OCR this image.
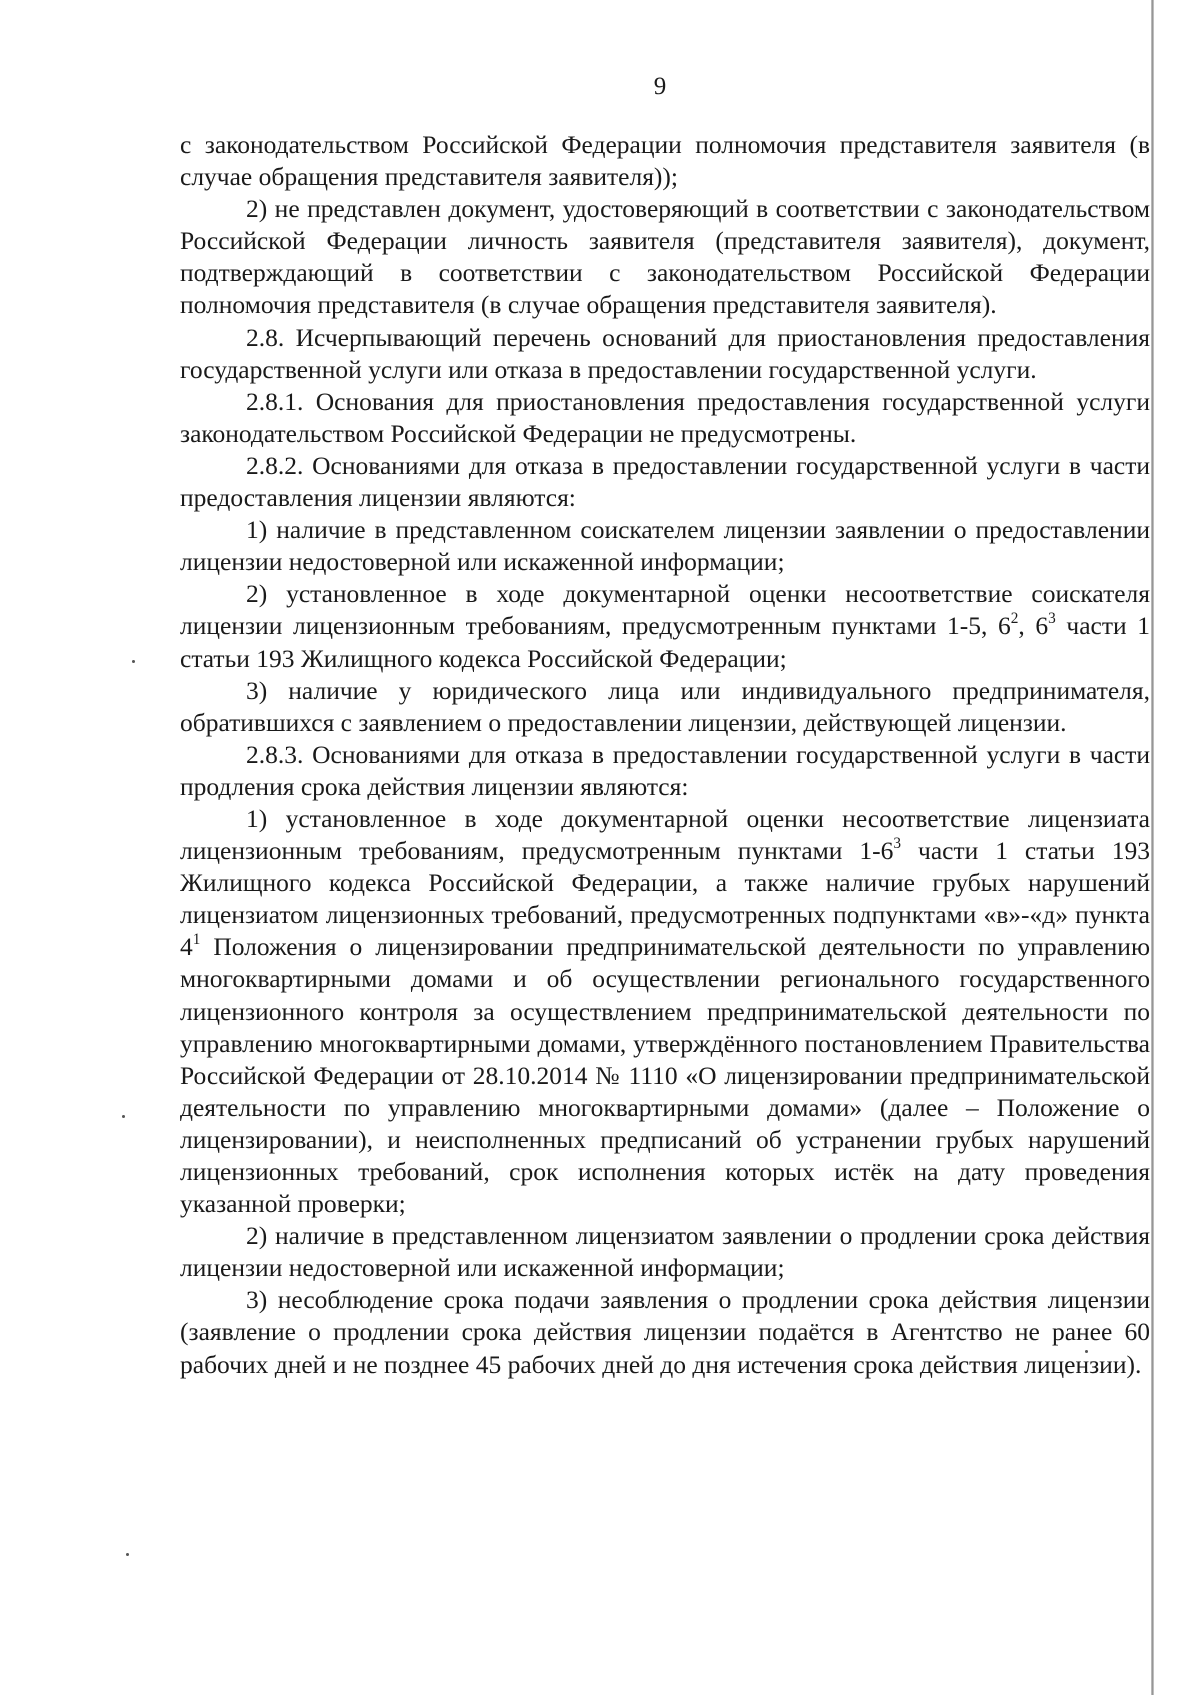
9

с законодательством Российской Федерации полномочия представителя заявителя (в случае обращения представителя заявителя));

2) не представлен документ, удостоверяющий в соответствии с законодательством Российской Федерации личность заявителя (представителя заявителя), документ, подтверждающий в соответствии с законодательством Российской Федерации полномочия представителя (в случае обращения представителя заявителя).

2.8. Исчерпывающий перечень оснований для приостановления предоставления государственной услуги или отказа в предоставлении государственной услуги.

2.8.1. Основания для приостановления предоставления государственной услуги законодательством Российской Федерации не предусмотрены.

2.8.2. Основаниями для отказа в предоставлении государственной услуги в части предоставления лицензии являются:

1) наличие в представленном соискателем лицензии заявлении о предоставлении лицензии недостоверной или искаженной информации;

2) установленное в ходе документарной оценки несоответствие соискателя лицензии лицензионным требованиям, предусмотренным пунктами 1-5, $6^2$, $6^3$ части 1 статьи 193 Жилищного кодекса Российской Федерации;

3) наличие у юридического лица или индивидуального предпринимателя, обратившихся с заявлением о предоставлении лицензии, действующей лицензии.

2.8.3. Основаниями для отказа в предоставлении государственной услуги в части продления срока действия лицензии являются:

1) установленное в ходе документарной оценки несоответствие лицензиата лицензионным требованиям, предусмотренным пунктами $1-6^3$ части 1 статьи 193 Жилищного кодекса Российской Федерации, а также наличие грубых нарушений лицензиатом лицензионных требований, предусмотренных подпунктами «в»-«д» пункта $4^1$ Положения о лицензировании предпринимательской деятельности по управлению многоквартирными домами и об осуществлении регионального государственного лицензионного контроля за осуществлением предпринимательской деятельности по управлению многоквартирными домами, утверждённого постановлением Правительства Российской Федерации от 28.10.2014 № 1110 «О лицензировании предпринимательской деятельности по управлению многоквартирными домами» (далее – Положение о лицензировании), и неисполненных предписаний об устранении грубых нарушений лицензионных требований, срок исполнения которых истёк на дату проведения указанной проверки;

2) наличие в представленном лицензиатом заявлении о продлении срока действия лицензии недостоверной или искаженной информации;

3) несоблюдение срока подачи заявления о продлении срока действия лицензии (заявление о продлении срока действия лицензии подаётся в Агентство не ранее 60 рабочих дней и не позднее 45 рабочих дней до дня истечения срока действия лицензии).
